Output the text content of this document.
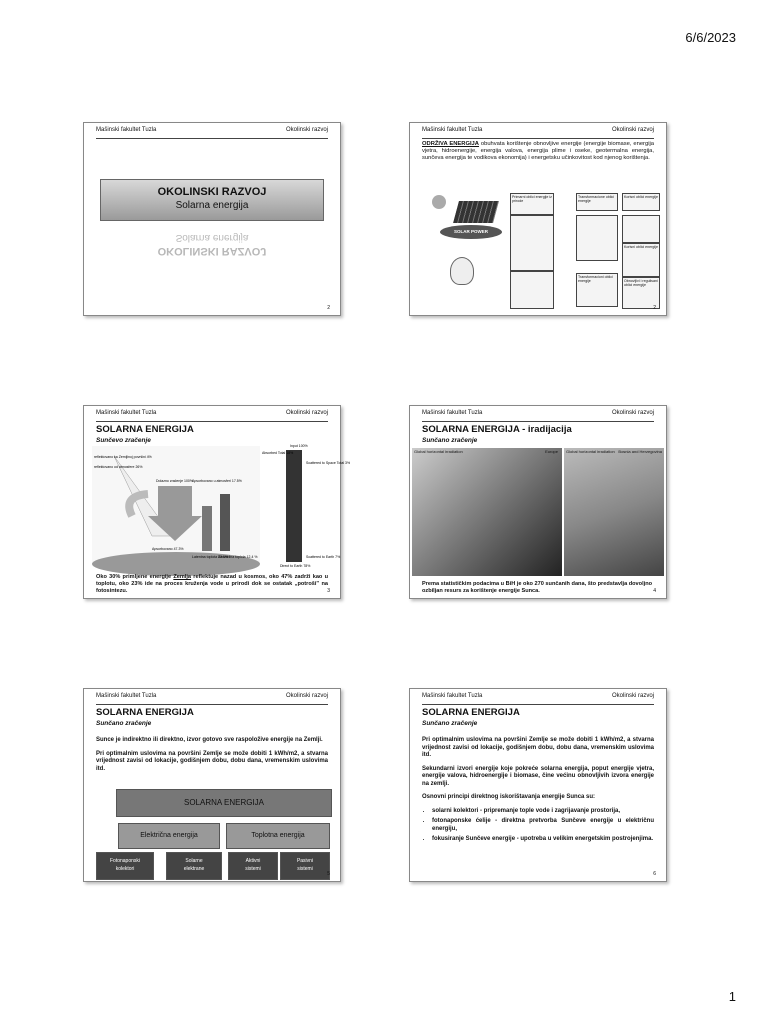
6/6/2023
Mašinski fakultet Tuzla	Okolinski razvoj
OKOLINSKI RAZVOJ
Solarna energija
OKOLINSKI RAZVOJ
Solarna energija
2
Mašinski fakultet Tuzla	Okolinski razvoj
ODRŽIVA ENERGIJA obuhvata korištenje obnovljive energije (energije biomase, energija vjetra, hidroenergije, energija valova, energija plime i oseke, geotermalna energija, sunčeva energija te vodikova ekonomija) i energetsku učinkovitost kod njenog korištenja.
SOLAR POWER
Primarni oblici energije iz prirode
Transformacione oblici energije
Korisni oblici energije
Korisni oblici energije
Transformacioni oblici energije	Obnovljivi i regulisani oblici energije
2
Mašinski fakultet Tuzla	Okolinski razvoj
SOLARNA ENERGIJA
Sunčevo zračenje
reflektovano ka Zemljinoj površini 4%
reflektovano od atmosfere 26%
Dolazno zračenje 100% Apsorbovano u atmosferi 17.5%
Apsorbovano 47.3%
Latentna toplota 23.5%
Senzibilna toplota 12.4 %
Input 100%
Absorbed Total 18%
Scattered to Space Total 3%
Direct to Earth 78%
Scattered to Earth 7%
Oko 30% primljene energije Zemlja reflektuje nazad u kosmos, oko 47% zadrži kao u toplotu, oko 23% ide na proces kruženja vode u prirodi dok se ostatak „potroši" na fotosintezu.	3
Mašinski fakultet Tuzla	Okolinski razvoj
SOLARNA ENERGIJA - iradijacija
Sunčano zračenje
Global horizontal irradiation	Europe Global horizontal irradiation Bosnia and Herzegovina
Prema statističkim podacima u BiH je oko 270 sunčanih dana, što predstavlja dovoljno ozbiljan resurs za korištenje energije Sunca.	4
Mašinski fakultet Tuzla	Okolinski razvoj
SOLARNA ENERGIJA
Sunčano zračenje

Sunce je indirektno ili direktno, izvor gotovo sve raspoložive energije na Zemlji.

Pri optimalnim uslovima na površini Zemlje se može dobiti 1 kWh/m2, a stvarna vrijednost zavisi od lokacije, godišnjem dobu, dobu dana, vremenskim uslovima itd.

SOLARNA ENERGIJA
Električna energija	Toplotna energija
Fotonaponski
kolektori
Solarne
elektrane
Aktivni
sistemi
Pasivni
sistemi
5
Mašinski fakultet Tuzla	Okolinski razvoj
SOLARNA ENERGIJA
Sunčano zračenje

Pri optimalnim uslovima na površini Zemlje se može dobiti 1 kWh/m2, a stvarna vrijednost zavisi od lokacije, godišnjem dobu, dobu dana, vremenskim uslovima itd.

Sekundarni izvori energije koje pokreće solarna energija, poput energije vjetra, energije valova, hidroenergije i biomase, čine većinu obnovljivih izvora energije na zemlji.

Osnovni principi direktnog iskorištavanja energije Sunca su:

• solarni kolektori - pripremanje tople vode i zagrijavanje prostorija,
• fotonaponske ćelije - direktna pretvorba Sunčeve energije u električnu energiju,
• fokusiranje Sunčeve energije - upotreba u velikim energetskim postrojenjima.
6
1
